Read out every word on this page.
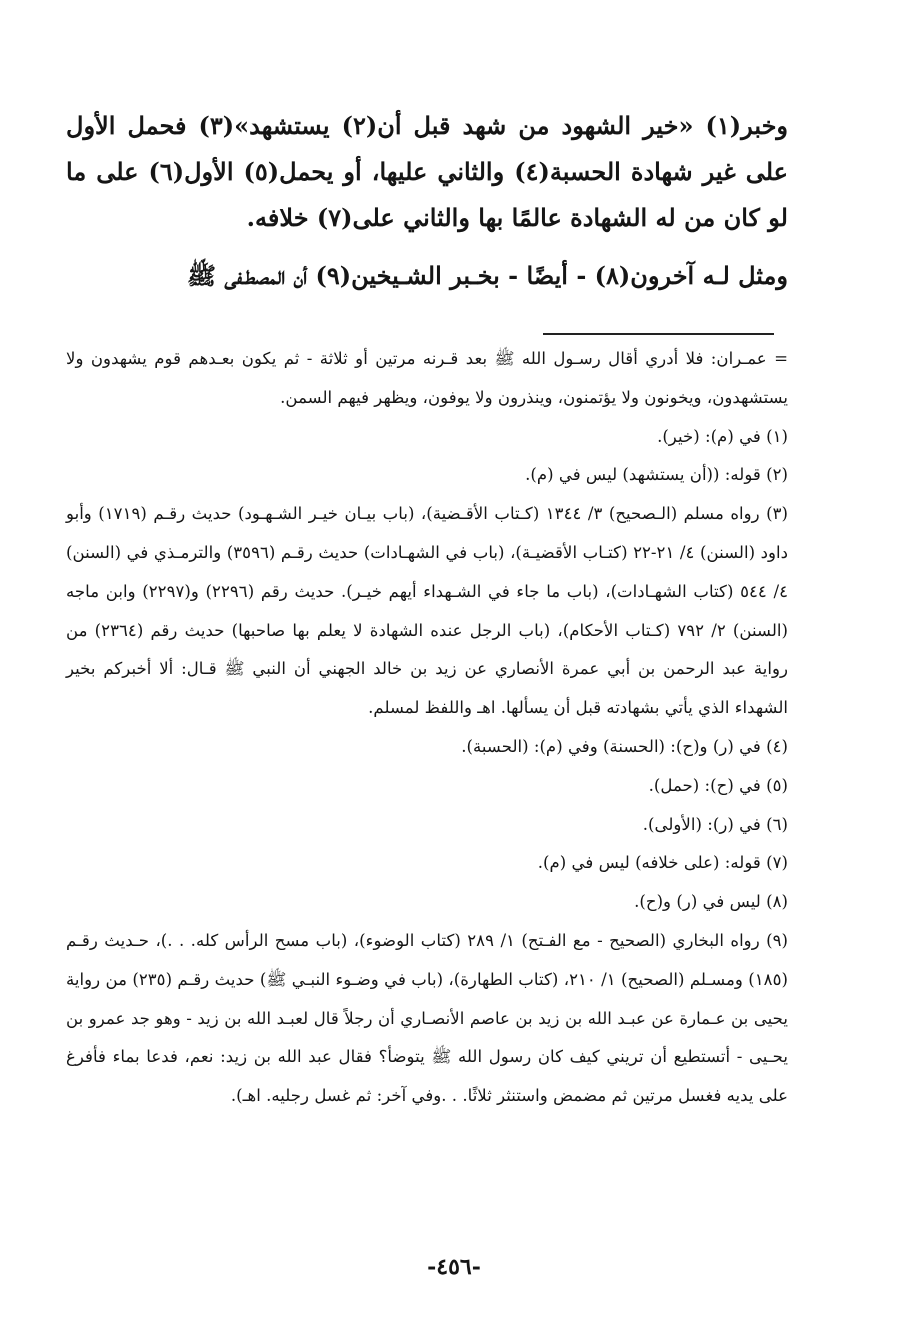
وخبر(١) «خير الشهود من شهد قبل أن(٢) يستشهد»(٣) فحمل الأول على غير شهادة الحسبة(٤) والثاني عليها، أو يحمل(٥) الأول(٦) على ما لو كان من له الشهادة عالمًا بها والثاني على(٧) خلافه.

ومثل لـه آخرون(٨) - أيضًا - بخـبر الشـيخين(٩) أن المصطـفى ﷺ

= عمـران: فلا أدري أقال رسـول الله ﷺ بعد قـرنه مرتين أو ثلاثة - ثم يكون بعـدهم قوم يشهدون ولا يستشهدون، ويخونون ولا يؤتمنون، وينذرون ولا يوفون، ويظهر فيهم السمن.

(١) في (م): (خير).

(٢) قوله: ((أن يستشهد) ليس في (م).

(٣) رواه مسلم (الـصحيح) ٣/ ١٣٤٤ (كـتاب الأقـضية)، (باب بيـان خيـر الشـهـود) حديث رقـم (١٧١٩) وأبو داود (السنن) ٤/ ٢١-٢٢ (كتـاب الأقضيـة)، (باب في الشهـادات) حديث رقـم (٣٥٩٦) والترمـذي في (السنن) ٤/ ٥٤٤ (كتاب الشهـادات)، (باب ما جاء في الشـهداء أيهم خيـر). حديث رقم (٢٢٩٦) و(٢٢٩٧) وابن ماجه (السنن) ٢/ ٧٩٢ (كـتاب الأحكام)، (باب الرجل عنده الشهادة لا يعلم بها صاحبها) حديث رقم (٢٣٦٤) من رواية عبد الرحمن بن أبي عمرة الأنصاري عن زيد بن خالد الجهني أن النبي ﷺ قـال: ألا أخبركم بخير الشهداء الذي يأتي بشهادته قبل أن يسألها. اهـ واللفظ لمسلم.

(٤) في (ر) و(ح): (الحسنة) وفي (م): (الحسبة).

(٥) في (ح): (حمل).

(٦) في (ر): (الأولى).

(٧) قوله: (على خلافه) ليس في (م).

(٨) ليس في (ر) و(ح).

(٩) رواه البخاري (الصحيح - مع الفـتح) ١/ ٢٨٩ (كتاب الوضوء)، (باب مسح الرأس كله. . .)، حـديث رقـم (١٨٥) ومسـلم (الصحيح) ١/ ٢١٠، (كتاب الطهارة)، (باب في وضـوء النبـي ﷺ) حديث رقـم (٢٣٥) من رواية يحيى بن عـمارة عن عبـد الله بن زيد بن عاصم الأنصـاري أن رجلاً قال لعبـد الله بن زيد - وهو جد عمرو بن يحـيى - أتستطيع أن تريني كيف كان رسول الله ﷺ يتوضأ؟ فقال عبد الله بن زيد: نعم، فدعا بماء فأفرغ على يديه فغسل مرتين ثم مضمض واستنثر ثلاثًا. . .وفي آخر: ثم غسل رجليه. اهـ).

-٤٥٦-
